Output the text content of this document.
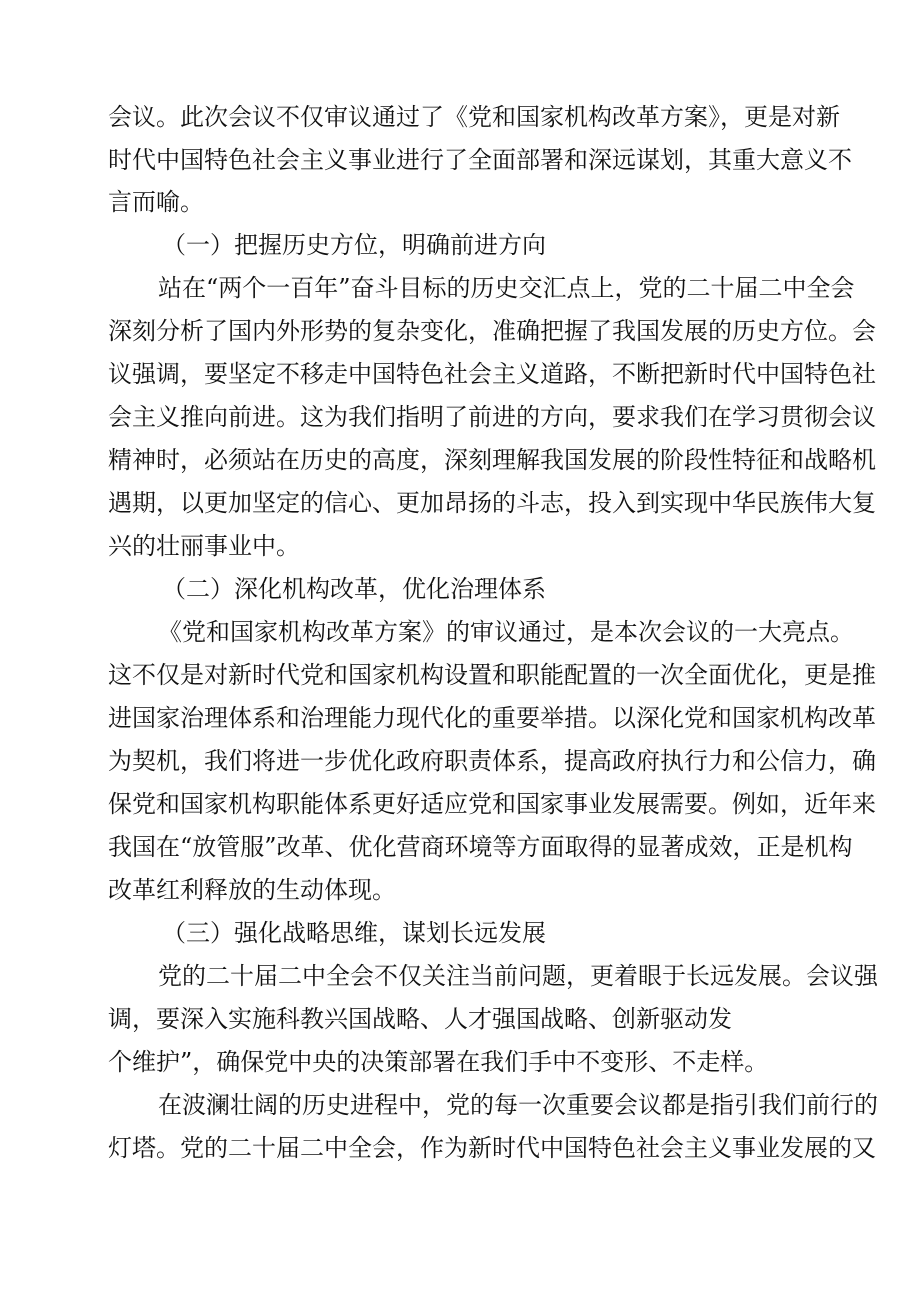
会议。此次会议不仅审议通过了《党和国家机构改革方案》，更是对新
时代中国特色社会主义事业进行了全面部署和深远谋划，其重大意义不
言而喻。
（一）把握历史方位，明确前进方向
站在“两个一百年”奋斗目标的历史交汇点上，党的二十届二中全会
深刻分析了国内外形势的复杂变化，准确把握了我国发展的历史方位。会
议强调，要坚定不移走中国特色社会主义道路，不断把新时代中国特色社
会主义推向前进。这为我们指明了前进的方向，要求我们在学习贯彻会议
精神时，必须站在历史的高度，深刻理解我国发展的阶段性特征和战略机
遇期，以更加坚定的信心、更加昂扬的斗志，投入到实现中华民族伟大复
兴的壮丽事业中。
（二）深化机构改革，优化治理体系
《党和国家机构改革方案》的审议通过，是本次会议的一大亮点。
这不仅是对新时代党和国家机构设置和职能配置的一次全面优化，更是推
进国家治理体系和治理能力现代化的重要举措。以深化党和国家机构改革
为契机，我们将进一步优化政府职责体系，提高政府执行力和公信力，确
保党和国家机构职能体系更好适应党和国家事业发展需要。例如，近年来
我国在“放管服”改革、优化营商环境等方面取得的显著成效，正是机构
改革红利释放的生动体现。
（三）强化战略思维，谋划长远发展
党的二十届二中全会不仅关注当前问题，更着眼于长远发展。会议强
调，要深入实施科教兴国战略、人才强国战略、创新驱动发
个维护”，确保党中央的决策部署在我们手中不变形、不走样。
在波澜壮阔的历史进程中，党的每一次重要会议都是指引我们前行的
灯塔。党的二十届二中全会，作为新时代中国特色社会主义事业发展的又
